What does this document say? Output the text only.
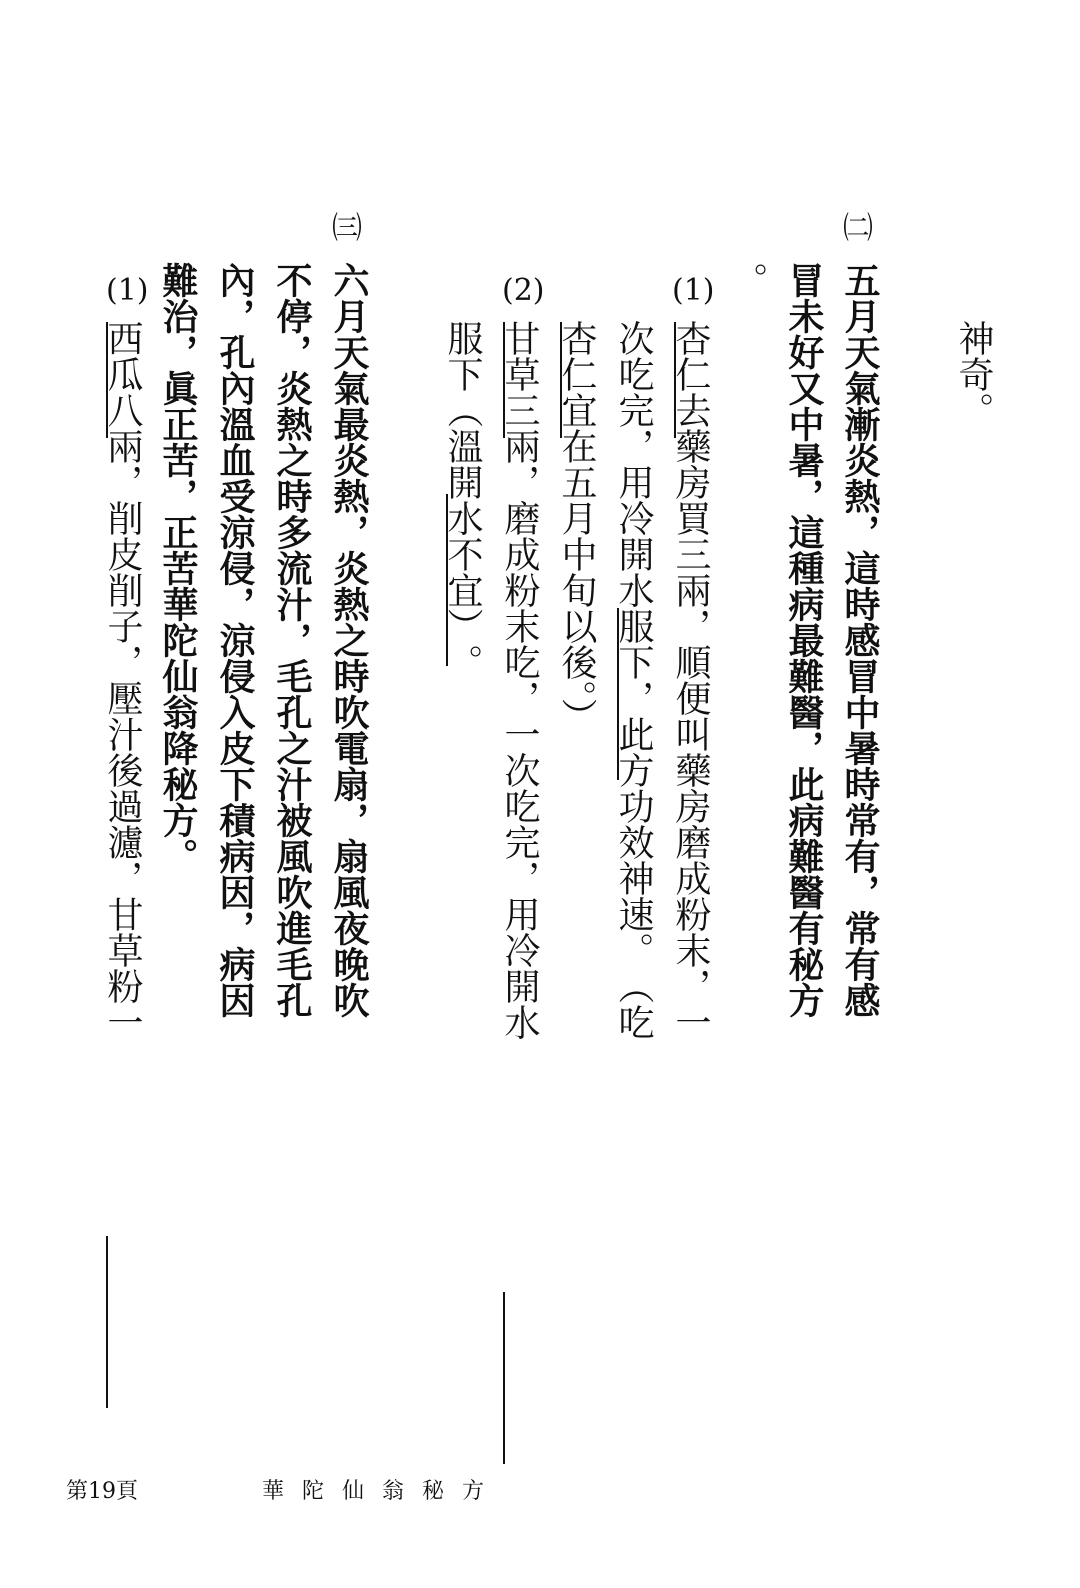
㈡
㈢
(1)
(2)
(1)
神奇。
五月天氣漸炎熱，這時感冒中暑時常有，常有感
冒未好又中暑，這種病最難醫，此病難醫有秘方
。
杏仁去藥房買三兩，順便叫藥房磨成粉末，一
次吃完，用冷開水服下，此方功效神速。︵吃
杏仁宜在五月中旬以後。︶
甘草三兩，磨成粉末吃，一次吃完，用冷開水
服下︵溫開水不宜︶。
六月天氣最炎熱，炎熱之時吹電扇，扇風夜晚吹
不停，炎熱之時多流汁，毛孔之汁被風吹進毛孔
內，孔內溫血受涼侵，涼侵入皮下積病因，病因
難治，眞正苦，正苦華陀仙翁降秘方。
西瓜八兩，削皮削子，壓汁後過濾，甘草粉一
第19頁	華陀仙翁秘方
